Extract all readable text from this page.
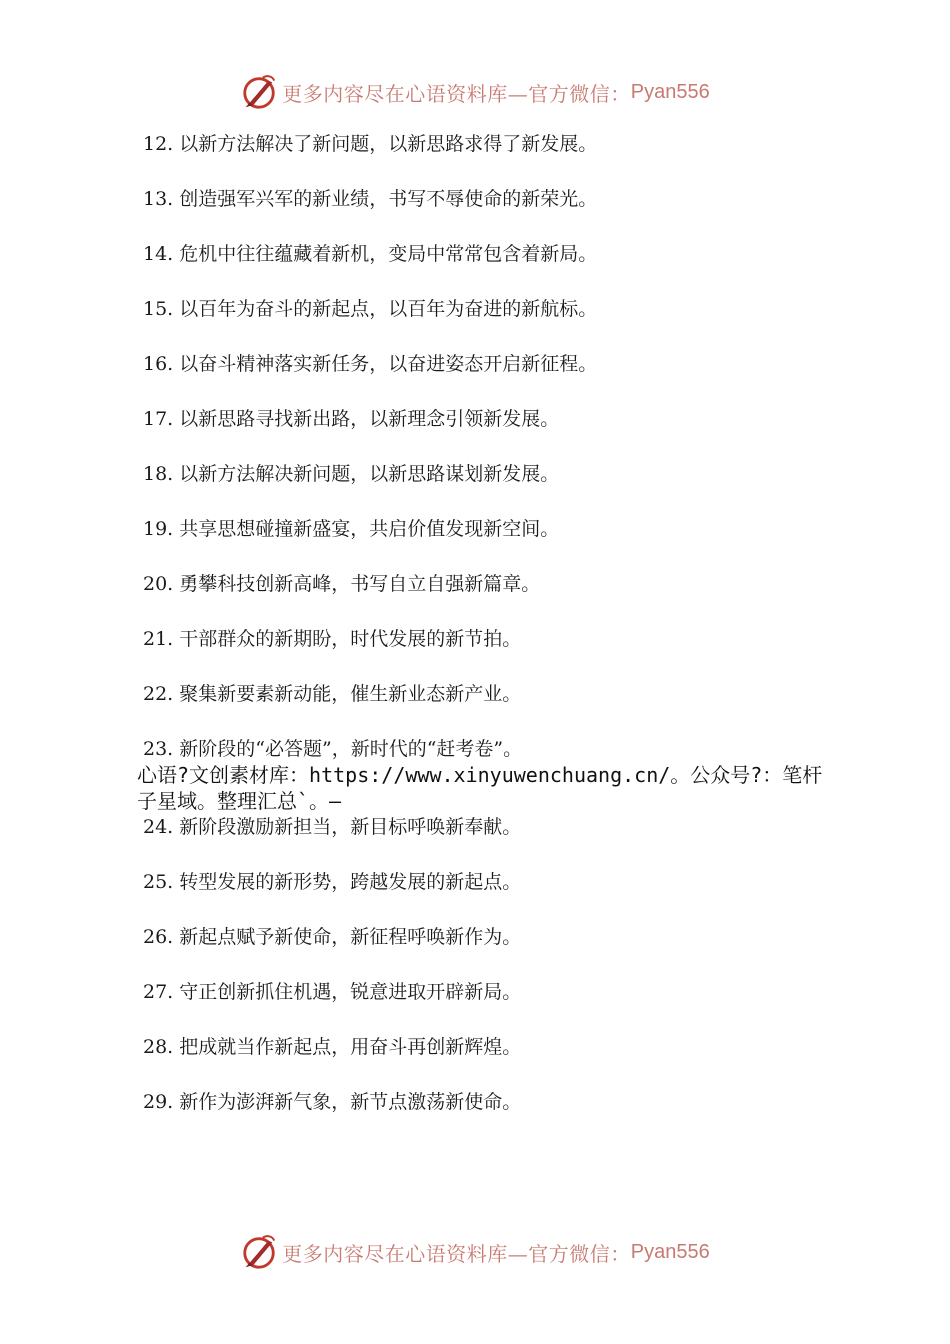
更多内容尽在心语资料库—官方微信： Pyan556
12. 以新方法解决了新问题，以新思路求得了新发展。
13. 创造强军兴军的新业绩，书写不辱使命的新荣光。
14. 危机中往往蕴藏着新机，变局中常常包含着新局。
15. 以百年为奋斗的新起点，以百年为奋进的新航标。
16. 以奋斗精神落实新任务，以奋进姿态开启新征程。
17. 以新思路寻找新出路，以新理念引领新发展。
18. 以新方法解决新问题，以新思路谋划新发展。
19. 共享思想碰撞新盛宴，共启价值发现新空间。
20. 勇攀科技创新高峰，书写自立自强新篇章。
21. 干部群众的新期盼，时代发展的新节拍。
22. 聚集新要素新动能，催生新业态新产业。
23. 新阶段的“必答题”，新时代的“赶考卷”。
24. 新阶段激励新担当，新目标呼唤新奉献。
25. 转型发展的新形势，跨越发展的新起点。
26. 新起点赋予新使命，新征程呼唤新作为。
27. 守正创新抓住机遇，锐意进取开辟新局。
28. 把成就当作新起点，用奋斗再创新辉煌。
29. 新作为澎湃新气象，新节点激荡新使命。
心语?文创素材库：https://www.xinyuwenchuang.cn/。公众号?：笔杆子星域。整理汇总`。—
更多内容尽在心语资料库—官方微信： Pyan556
